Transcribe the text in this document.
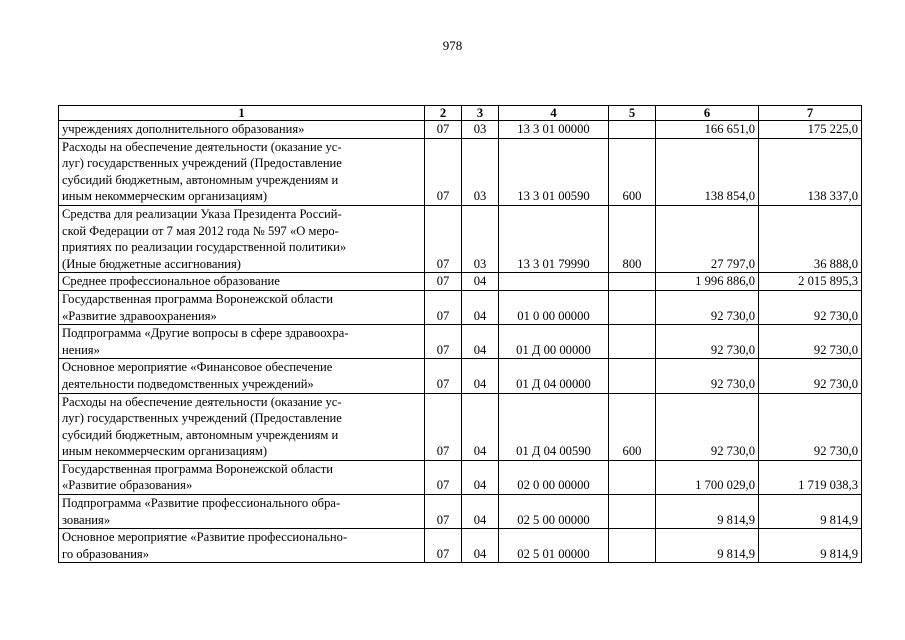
978
1	2	3	4	5	6	7
учреждениях дополнительного образования»	07	03	13 3 01 00000		166 651,0	175 225,0
Расходы на обеспечение деятельности (оказание ус-
луг) государственных учреждений (Предоставление
субсидий бюджетным, автономным учреждениям и
иным некоммерческим организациям)	07	03	13 3 01 00590	600	138 854,0	138 337,0
Средства для реализации Указа Президента Россий-
ской Федерации от 7 мая 2012 года № 597 «О меро-
приятиях по реализации государственной политики»
(Иные бюджетные ассигнования)	07	03	13 3 01 79990	800	27 797,0	36 888,0
Среднее профессиональное образование	07	04			1 996 886,0	2 015 895,3
Государственная программа Воронежской области
«Развитие здравоохранения»	07	04	01 0 00 00000		92 730,0	92 730,0
Подпрограмма «Другие вопросы в сфере здравоохра-
нения»	07	04	01 Д 00 00000		92 730,0	92 730,0
Основное мероприятие «Финансовое обеспечение
деятельности подведомственных учреждений»	07	04	01 Д 04 00000		92 730,0	92 730,0
Расходы на обеспечение деятельности (оказание ус-
луг) государственных учреждений (Предоставление
субсидий бюджетным, автономным учреждениям и
иным некоммерческим организациям)	07	04	01 Д 04 00590	600	92 730,0	92 730,0
Государственная программа Воронежской области
«Развитие образования»	07	04	02 0 00 00000		1 700 029,0	1 719 038,3
Подпрограмма «Развитие профессионального обра-
зования»	07	04	02 5 00 00000		9 814,9	9 814,9
Основное мероприятие «Развитие профессионально-
го образования»	07	04	02 5 01 00000		9 814,9	9 814,9
